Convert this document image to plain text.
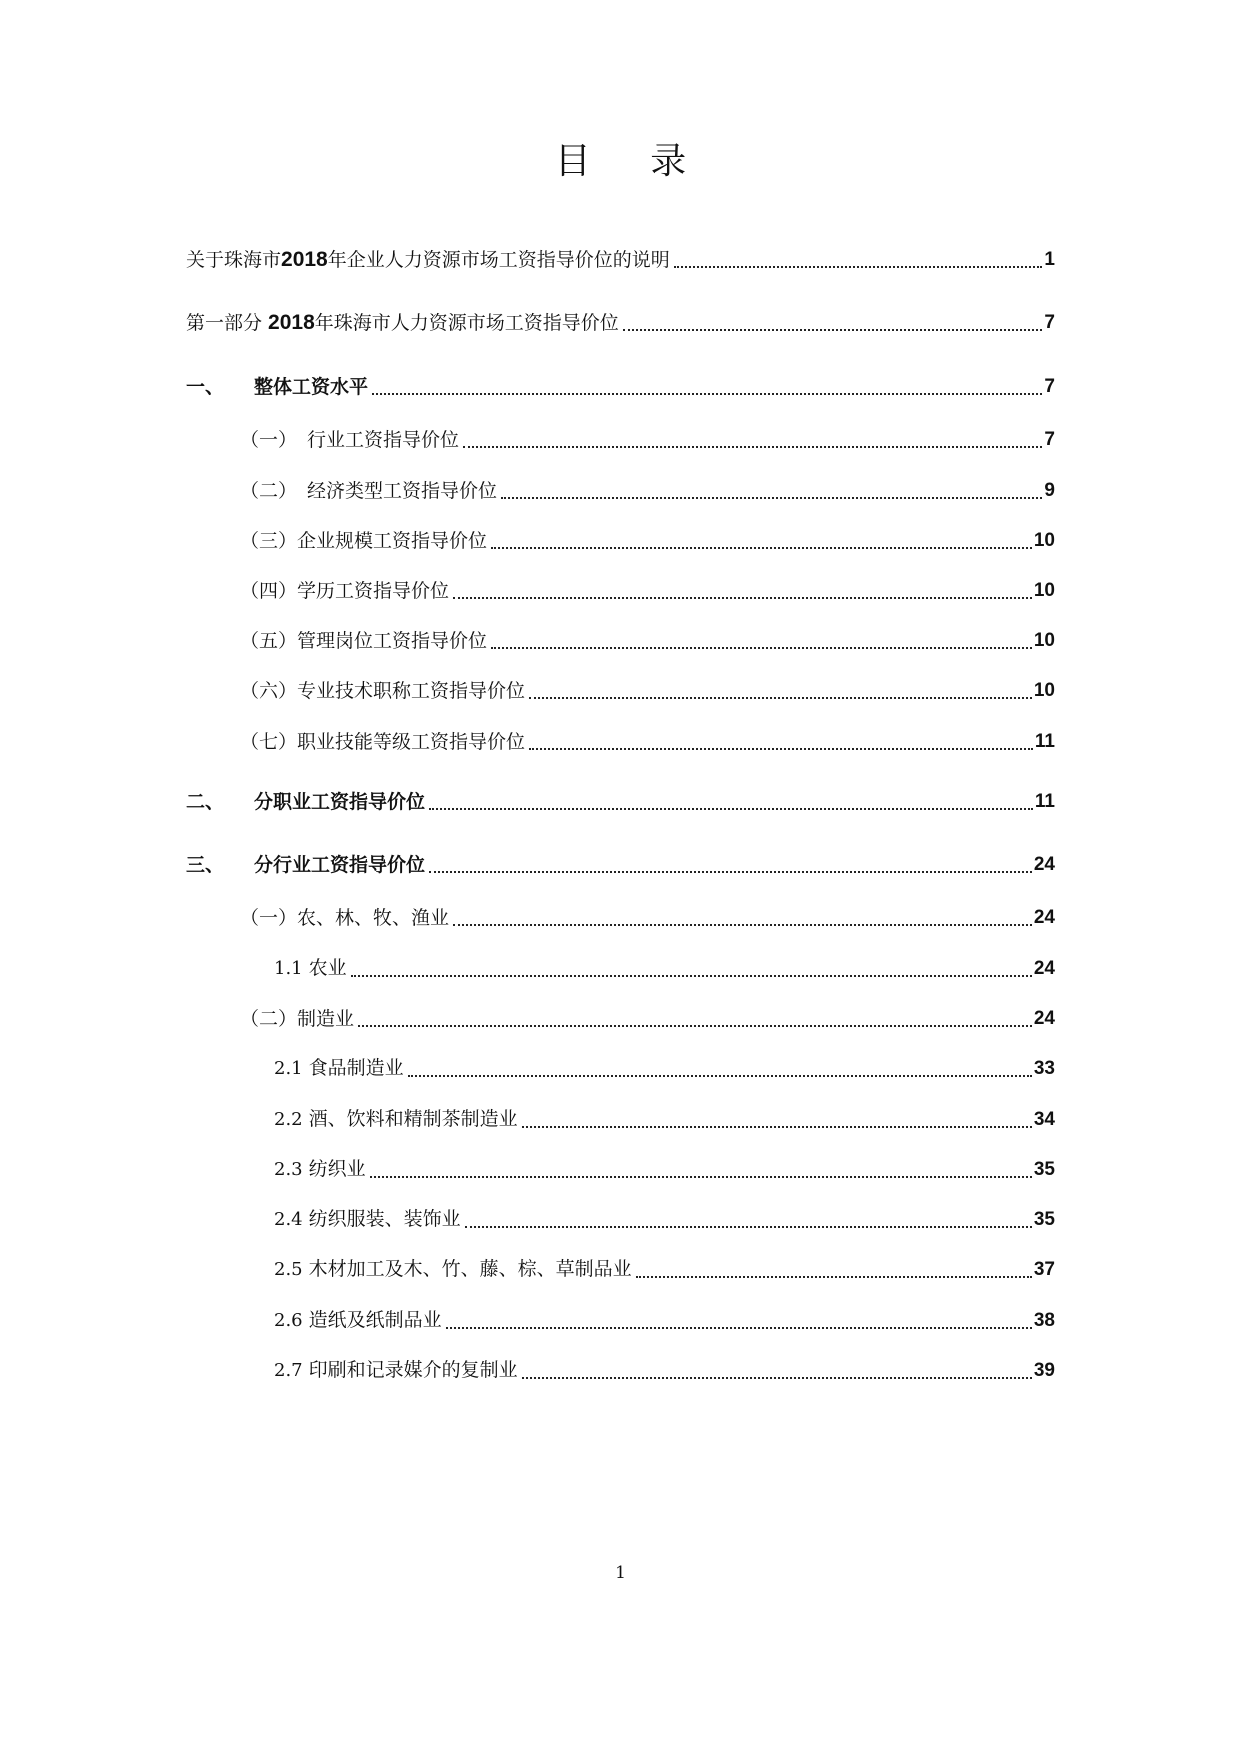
目 录
关于珠海市2018年企业人力资源市场工资指导价位的说明	1
第一部分 2018年珠海市人力资源市场工资指导价位	7
一、 整体工资水平	7
（一） 行业工资指导价位	7
（二） 经济类型工资指导价位	9
（三）企业规模工资指导价位	10
（四）学历工资指导价位	10
（五）管理岗位工资指导价位	10
（六）专业技术职称工资指导价位	10
（七）职业技能等级工资指导价位	11
二、 分职业工资指导价位	11
三、 分行业工资指导价位	24
（一）农、林、牧、渔业	24
1.1 农业	24
（二）制造业	24
2.1 食品制造业	33
2.2 酒、饮料和精制茶制造业	34
2.3 纺织业	35
2.4 纺织服装、装饰业	35
2.5 木材加工及木、竹、藤、棕、草制品业	37
2.6 造纸及纸制品业	38
2.7 印刷和记录媒介的复制业	39
1
